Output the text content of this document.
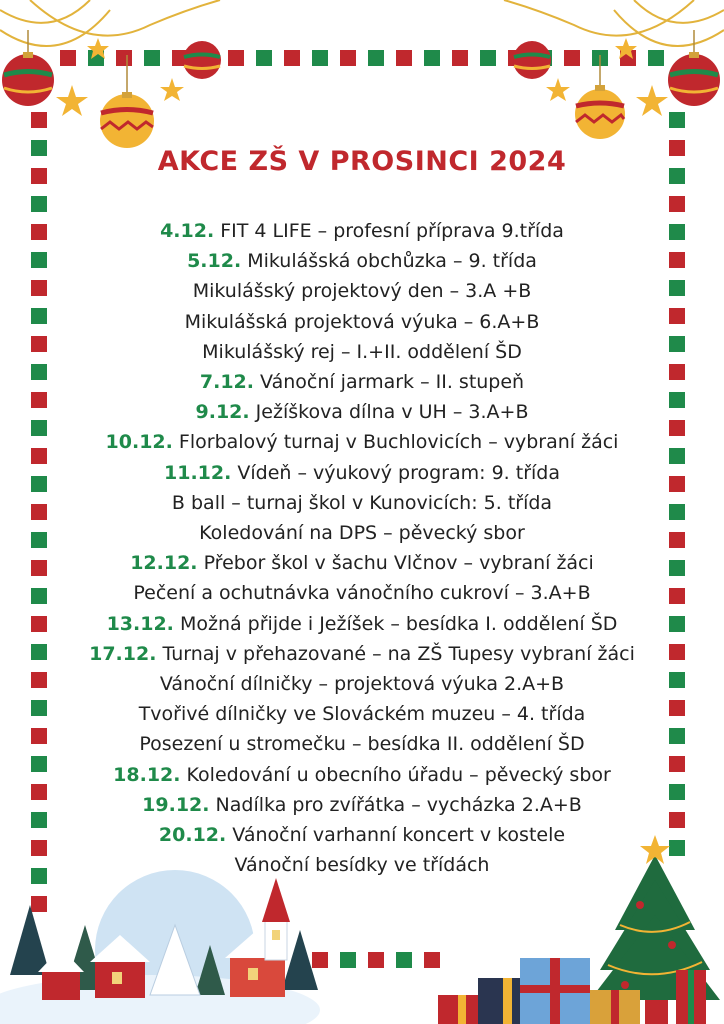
AKCE ZŠ V PROSINCI 2024
4.12. FIT 4 LIFE – profesní příprava 9.třída
5.12. Mikulášská obchůzka – 9. třída
Mikulášský projektový den – 3.A +B
Mikulášská projektová výuka – 6.A+B
Mikulášský rej – I.+II. oddělení ŠD
7.12. Vánoční jarmark – II. stupeň
9.12. Ježíškova dílna v UH – 3.A+B
10.12. Florbalový turnaj v Buchlovicích – vybraní žáci
11.12. Vídeň – výukový program: 9. třída
B ball – turnaj škol v Kunovicích: 5. třída
Koledování na DPS – pěvecký sbor
12.12. Přebor škol v šachu Vlčnov – vybraní žáci
Pečení a ochutnávka vánočního cukroví – 3.A+B
13.12. Možná přijde i Ježíšek – besídka I. oddělení ŠD
17.12. Turnaj v přehazované – na ZŠ Tupesy vybraní žáci
Vánoční dílničky – projektová výuka 2.A+B
Tvořivé dílničky ve Slováckém muzeu – 4. třída
Posezení u stromečku – besídka II. oddělení ŠD
18.12. Koledování u obecního úřadu – pěvecký sbor
19.12. Nadílka pro zvířátka – vycházka 2.A+B
20.12. Vánoční varhanní koncert v kostele
Vánoční besídky ve třídách
